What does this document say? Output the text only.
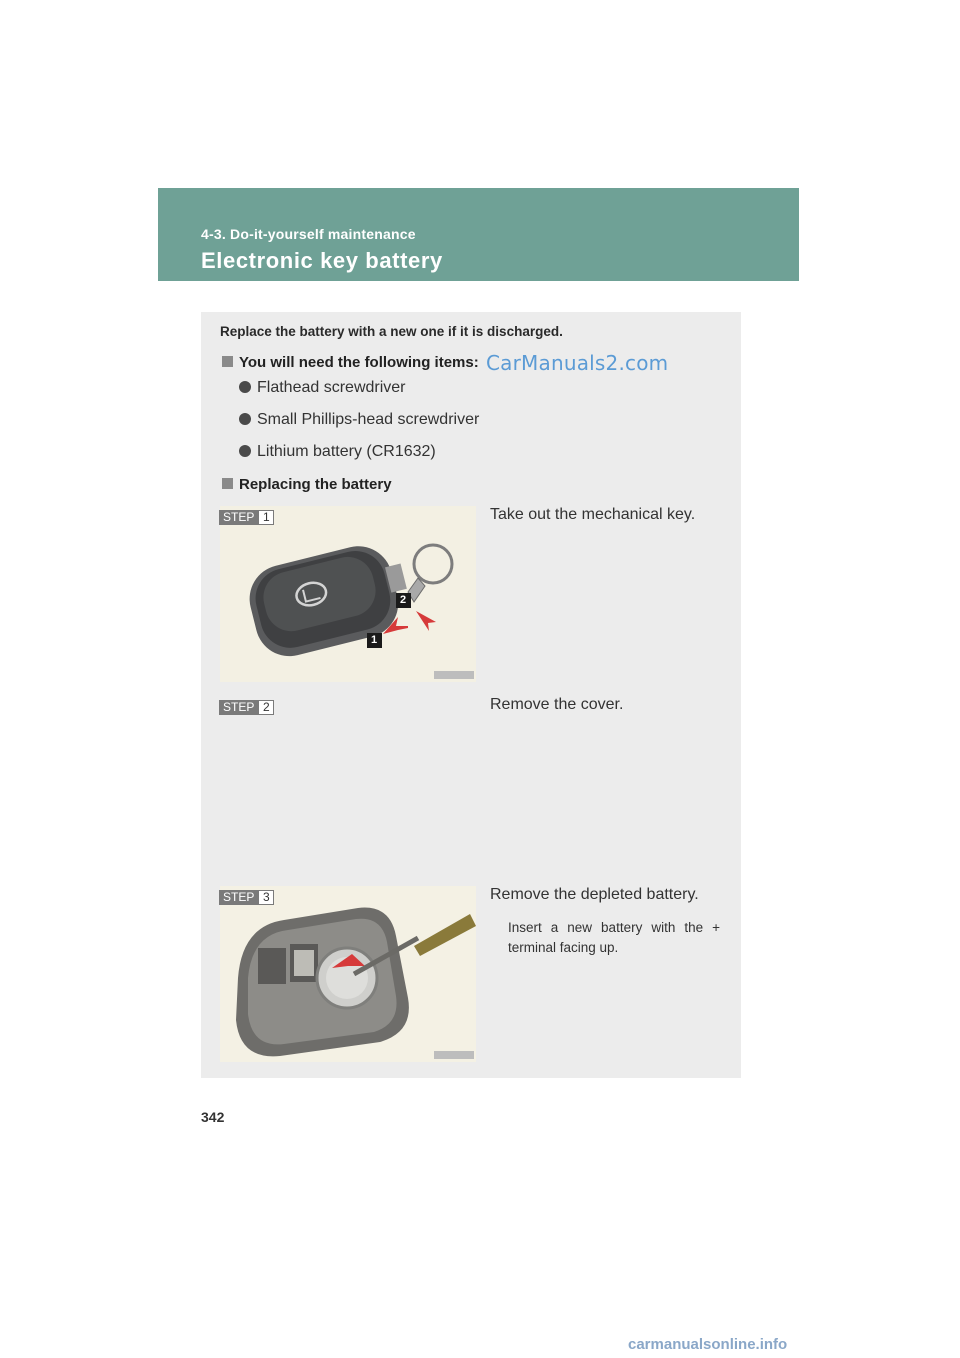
4-3. Do-it-yourself maintenance
Electronic key battery
Replace the battery with a new one if it is discharged.
You will need the following items: CarManuals2.com
Flathead screwdriver
Small Phillips-head screwdriver
Lithium battery (CR1632)
Replacing the battery
1
2
STEP 1	Take out the mechanical key.
STEP 2	Remove the cover.
STEP 3	Remove the depleted battery.
Insert a new battery with the + terminal facing up.
342
carmanualsonline.info
